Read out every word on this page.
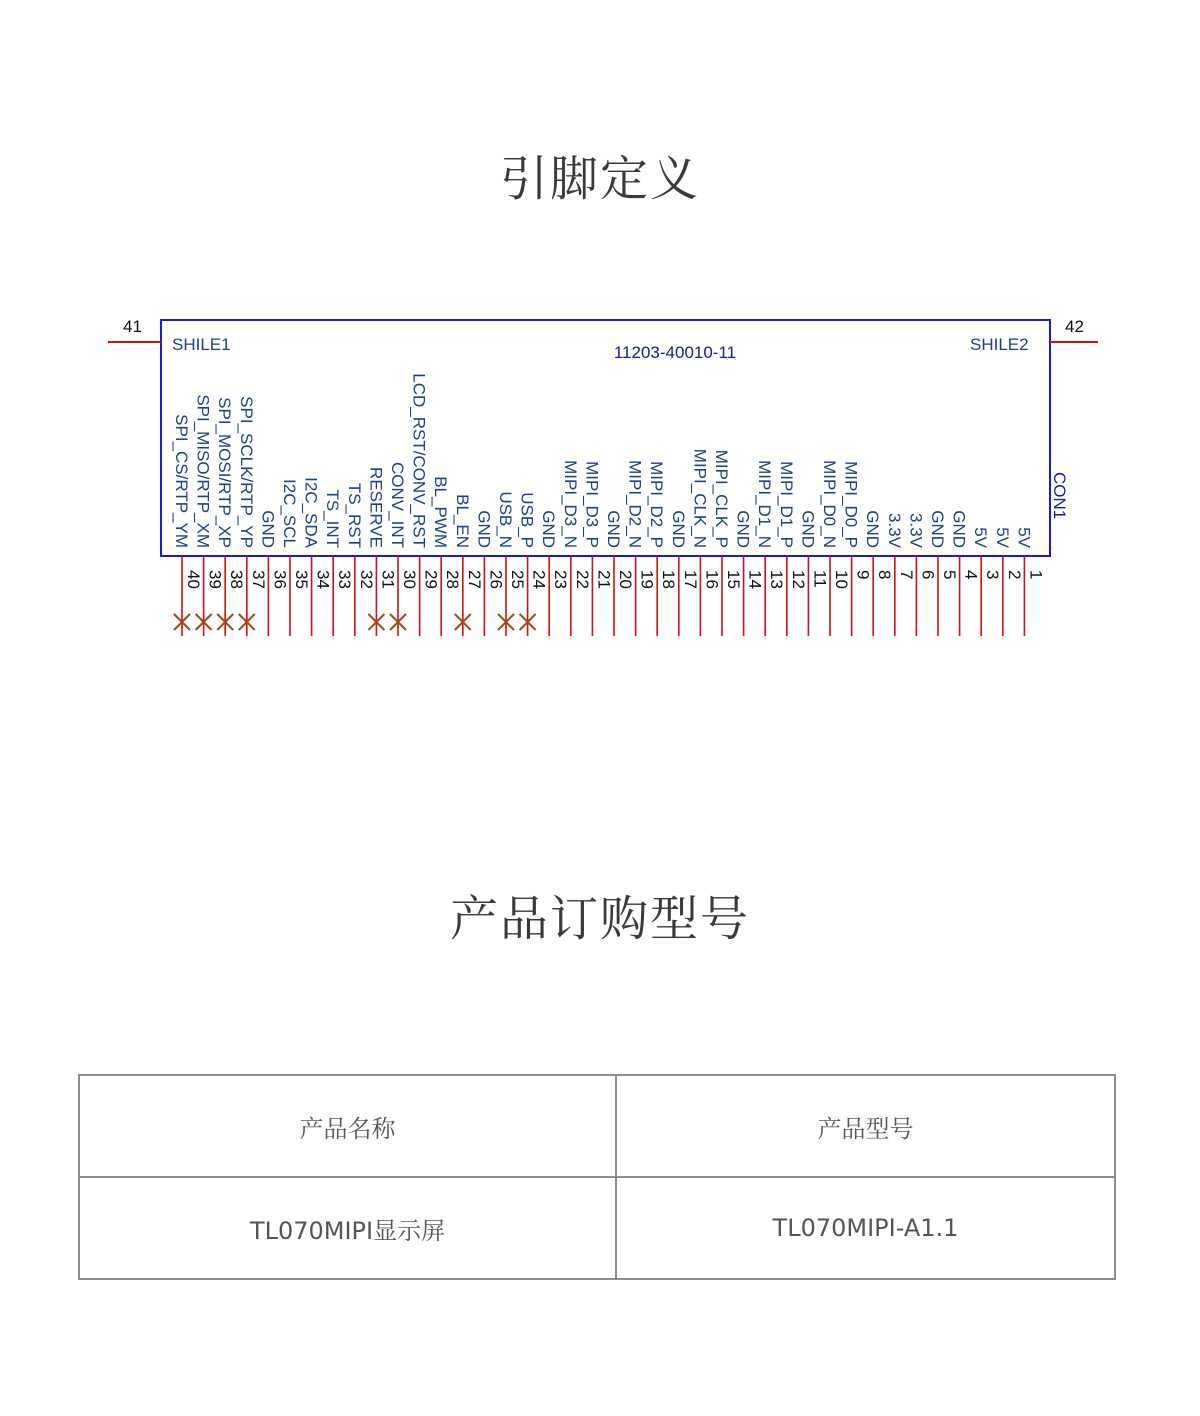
引脚定义
41	42
SHILE1	SHILE2
11203-40010-11
CON1
SPI_CS/RTP_YM
40
SPI_MISO/RTP_XM
39
SPI_MOSI/RTP_XP
38
SPI_SCLK/RTP_YP
37
GND
36
I2C_SCL
35
I2C_SDA
34
TS_INT
33
TS_RST
32
RESERVE
31
CONV_INT
30
LCD_RST/CONV_RST
29
BL_PWM
28
BL_EN
27
GND
26
USB_N
25
USB_P
24
GND
23
MIPI_D3_N
22
MIPI_D3_P
21
GND
20
MIPI_D2_N
19
MIPI_D2_P
18
GND
17
MIPI_CLK_N
16
MIPI_CLK_P
15
GND
14
MIPI_D1_N
13
MIPI_D1_P
12
GND
11
MIPI_D0_N
10
MIPI_D0_P
9
GND
8
3.3V
7
3.3V
6
GND
5
GND
4
5V
3
5V
2
5V
1
产品订购型号
产品名称	产品型号
TL070MIPI显示屏	TL070MIPI-A1.1
